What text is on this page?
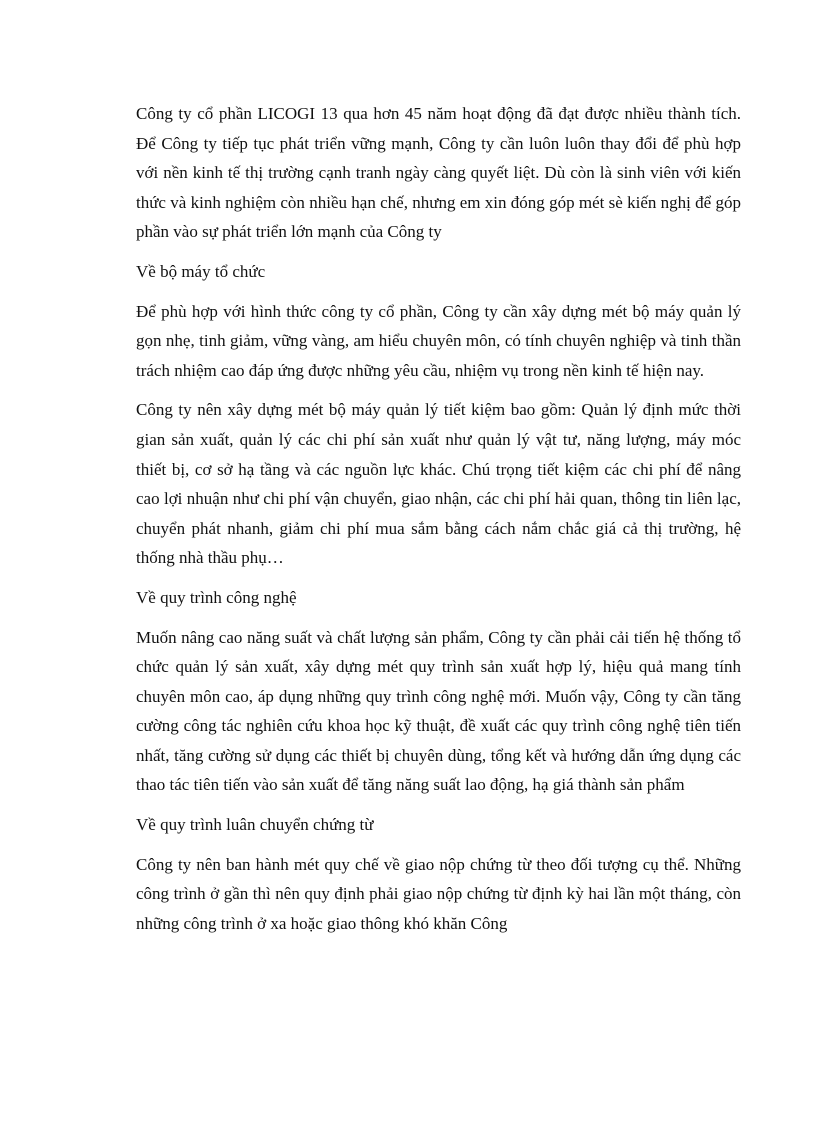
Công ty cổ phần LICOGI 13 qua hơn 45 năm hoạt động đã đạt được nhiều thành tích. Để Công ty tiếp tục phát triển vững mạnh, Công ty cần luôn luôn thay đổi để phù hợp với nền kinh tế thị trường cạnh tranh ngày càng quyết liệt. Dù còn là sinh viên với kiến thức và kinh nghiệm còn nhiều hạn chế, nhưng em xin đóng góp mét sè kiến nghị để góp phần vào sự phát triển lớn mạnh của Công ty

Về bộ máy tổ chức

Để phù hợp với hình thức công ty cổ phần, Công ty cần xây dựng mét bộ máy quản lý gọn nhẹ, tinh giảm, vững vàng, am hiểu chuyên môn, có tính chuyên nghiệp và tinh thần trách nhiệm cao đáp ứng được những yêu cầu, nhiệm vụ trong nền kinh tế hiện nay.

Công ty nên xây dựng mét bộ máy quản lý tiết kiệm bao gồm: Quản lý định mức thời gian sản xuất, quản lý các chi phí sản xuất như quản lý vật tư, năng lượng, máy móc thiết bị, cơ sở hạ tầng và các nguồn lực khác. Chú trọng tiết kiệm các chi phí để nâng cao lợi nhuận như chi phí vận chuyển, giao nhận, các chi phí hải quan, thông tin liên lạc, chuyển phát nhanh, giảm chi phí mua sắm bằng cách nắm chắc giá cả thị trường, hệ thống nhà thầu phụ…

Về quy trình công nghệ

Muốn nâng cao năng suất và chất lượng sản phẩm, Công ty cần phải cải tiến hệ thống tổ chức quản lý sản xuất, xây dựng mét quy trình sản xuất hợp lý, hiệu quả mang tính chuyên môn cao, áp dụng những quy trình công nghệ mới. Muốn vậy, Công ty cần tăng cường công tác nghiên cứu khoa học kỹ thuật, đề xuất các quy trình công nghệ tiên tiến nhất, tăng cường sử dụng các thiết bị chuyên dùng, tổng kết và hướng dẫn ứng dụng các thao tác tiên tiến vào sản xuất để tăng năng suất lao động, hạ giá thành sản phẩm

Về quy trình luân chuyển chứng từ

Công ty nên ban hành mét quy chế về giao nộp chứng từ theo đối tượng cụ thể. Những công trình ở gần thì nên quy định phải giao nộp chứng từ định kỳ hai lần một tháng, còn những công trình ở xa hoặc giao thông khó khăn Công
